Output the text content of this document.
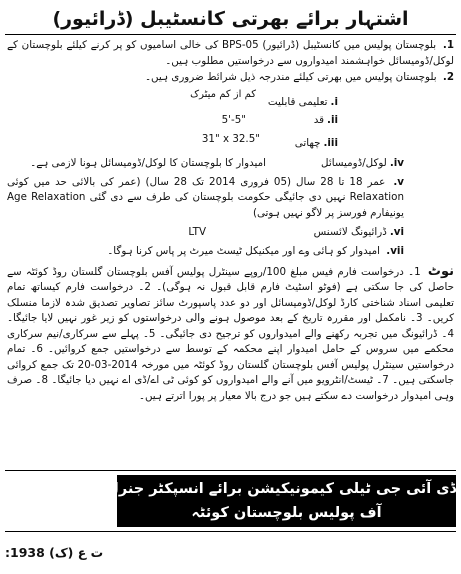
اشتہار برائے بھرتی کانسٹیبل (ڈرائیور)
1. بلوچستان پولیس میں کانسٹیبل (ڈرائیور) BPS-05 کی خالی اسامیوں کو پر کرنے کیلئے بلوچستان کے لوکل/ڈومیسائل خواہشمند امیدواروں سے درخواستیں مطلوب ہیں۔
2. بلوچستان پولیس میں بھرتی کیلئے مندرجہ ذیل شرائط ضروری ہیں۔
i.تعلیمی قابلیت
کم از کم میٹرک
ii.قد
5'-5"
iii.چھاتی
31" x 32.5"
iv.لوکل/ڈومیسائل
امیدوار کا بلوچستان کا لوکل/ڈومیسائل ہونا لازمی ہے۔
v. عمر 18 تا 28 سال (05 فروری 2014 تک 28 سال) (عمر کی بالائی حد میں کوئی Relaxation نہیں دی جائیگی حکومت بلوچستان کی طرف سے دی گئی Age Relaxation یونیفارم فورسز پر لاگو نہیں ہوتی)
vi.ڈرائیونگ لائسنس
LTV
vii. امیدوار کو ہائی وے اور میکنیکل ٹیسٹ میرٹ پر پاس کرنا ہوگا۔
نوٹ 1۔ درخواست فارم فیس مبلغ 100/روپے سینٹرل پولیس آفس بلوچستان گلستان روڈ کوئٹہ سے حاصل کی جا سکتی ہے (فوٹو اسٹیٹ فارم قابل قبول نہ ہوگی)۔ 2۔ درخواست فارم کیساتھ تمام تعلیمی اسناد شناختی کارڈ لوکل/ڈومیسائل اور دو عدد پاسپورٹ سائز تصاویر تصدیق شدہ لازما منسلک کریں۔ 3۔ نامکمل اور مقررہ تاریخ کے بعد موصول ہونے والی درخواستوں کو زیر غور نہیں لایا جائیگا۔ 4۔ ڈرائیونگ میں تجربہ رکھنے والے امیدواروں کو ترجیح دی جائیگی۔ 5۔ پہلے سے سرکاری/نیم سرکاری محکمے میں سروس کے حامل امیدوار اپنے محکمہ کے توسط سے درخواستیں جمع کروائیں۔ 6۔ تمام درخواستیں سینٹرل پولیس آفس بلوچستان گلستان روڈ کوئٹہ میں مورخہ 2014-03-20 تک جمع کروائی جاسکتی ہیں۔ 7۔ ٹیسٹ/انٹرویو میں آنے والے امیدواروں کو کوئی ٹی اے/ڈی اے نہیں دیا جائیگا۔ 8۔ صرف وہی امیدوار درخواست دے سکتے ہیں جو درج بالا معیار پر پورا اترتے ہیں۔
ڈی آئی جی ٹیلی کیمونیکیشن برائے انسپکٹر جنرل
آف پولیس بلوچستان کوئٹہ
ت ع (ک) 1938:
